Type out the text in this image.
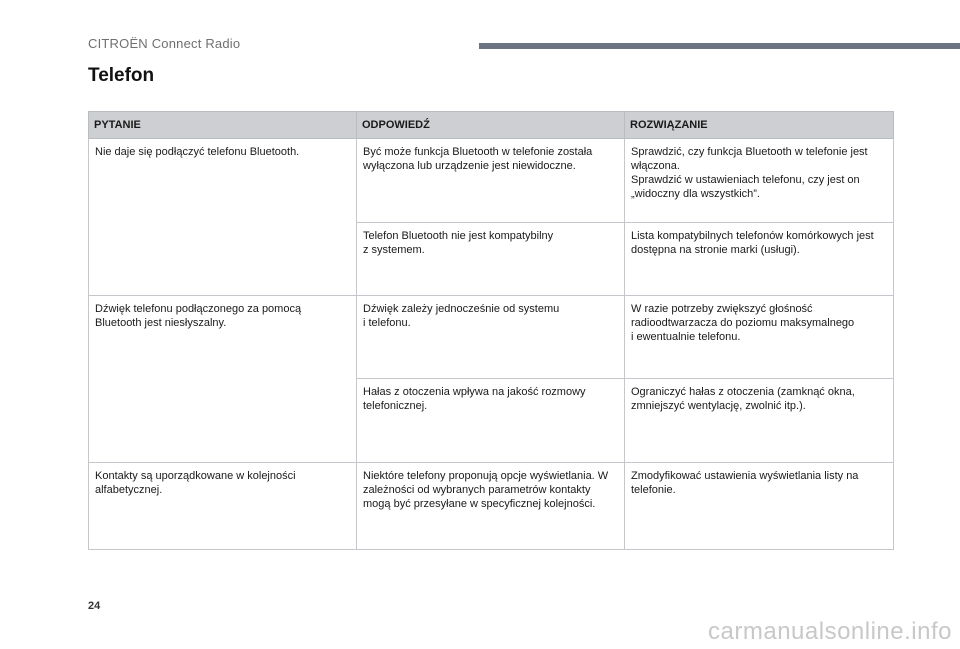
CITROËN Connect Radio
Telefon
PYTANIE	ODPOWIEDŹ	ROZWIĄZANIE
Nie daje się podłączyć telefonu Bluetooth.	Być może funkcja Bluetooth w telefonie została wyłączona lub urządzenie jest niewidoczne.	Sprawdzić, czy funkcja Bluetooth w telefonie jest włączona.
Sprawdzić w ustawieniach telefonu, czy jest on „widoczny dla wszystkich”.
	Telefon Bluetooth nie jest kompatybilny
z systemem.	Lista kompatybilnych telefonów komórkowych jest dostępna na stronie marki (usługi).
Dźwięk telefonu podłączonego za pomocą Bluetooth jest niesłyszalny.	Dźwięk zależy jednocześnie od systemu
i telefonu.	W razie potrzeby zwiększyć głośność radioodtwarzacza do poziomu maksymalnego
i ewentualnie telefonu.
	Hałas z otoczenia wpływa na jakość rozmowy telefonicznej.	Ograniczyć hałas z otoczenia (zamknąć okna, zmniejszyć wentylację, zwolnić itp.).
Kontakty są uporządkowane w kolejności alfabetycznej.	Niektóre telefony proponują opcje wyświetlania. W zależności od wybranych parametrów kontakty mogą być przesyłane w specyficznej kolejności.	Zmodyfikować ustawienia wyświetlania listy na telefonie.
24
carmanualsonline.info
